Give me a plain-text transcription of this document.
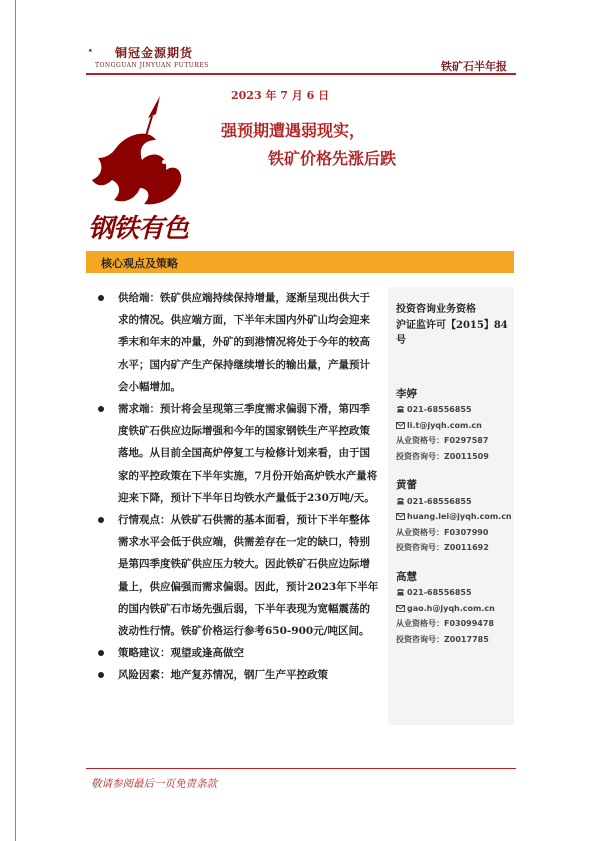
铜冠金源期货
TONGGUAN JINYUAN FUTURES	铁矿石半年报
2023 年 7 月 6 日
强预期遭遇弱现实，
铁矿价格先涨后跌
钢铁有色
核心观点及策略

供给端：铁矿供应端持续保持增量，逐渐呈现出供大于求的情况。供应端方面，下半年末国内外矿山均会迎来季末和年末的冲量，外矿的到港情况将处于今年的较高水平；国内矿产生产保持继续增长的输出量，产量预计会小幅增加。

需求端：预计将会呈现第三季度需求偏弱下滑，第四季度铁矿石供应边际增强和今年的国家钢铁生产平控政策落地。从目前全国高炉停复工与检修计划来看，由于国家的平控政策在下半年实施，7月份开始高炉铁水产量将迎来下降，预计下半年日均铁水产量低于230万吨/天。

行情观点：从铁矿石供需的基本面看，预计下半年整体需求水平会低于供应端，供需差存在一定的缺口，特别是第四季度铁矿供应压力较大。因此铁矿石供应边际增量上，供应偏强而需求偏弱。因此，预计2023年下半年的国内铁矿石市场先强后弱，下半年表现为宽幅震荡的波动性行情。铁矿价格运行参考650-900元/吨区间。

策略建议：观望或逢高做空

风险因素：地产复苏情况，钢厂生产平控政策

投资咨询业务资格
沪证监许可【2015】84号
李婷
021-68556855
li.t@jyqh.com.cn
从业资格号：F0297587
投资咨询号：Z0011509
黄蕾
021-68556855
huang.lei@jyqh.com.cn
从业资格号：F0307990
投资咨询号：Z0011692
高慧
021-68556855
gao.h@jyqh.com.cn
从业资格号：F03099478
投资咨询号：Z0017785
敬请参阅最后一页免责条款
